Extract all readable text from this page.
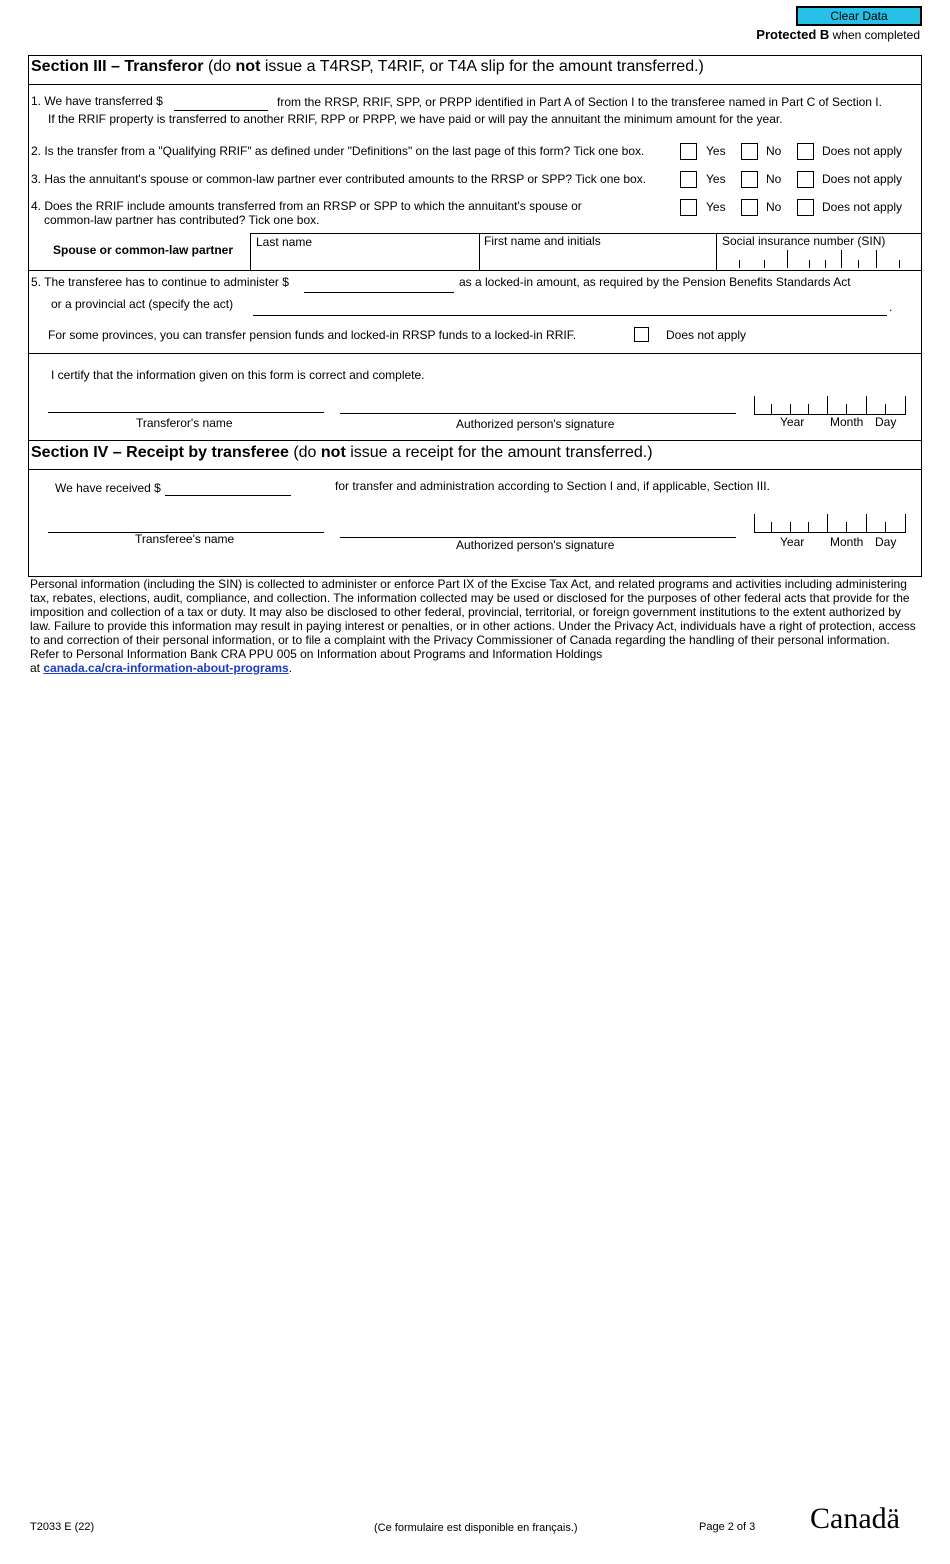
Clear Data
Protected B when completed
Section III – Transferor (do not issue a T4RSP, T4RIF, or T4A slip for the amount transferred.)
1. We have transferred $	from the RRSP, RRIF, SPP, or PRPP identified in Part A of Section I to the transferee named in Part C of Section I.
If the RRIF property is transferred to another RRIF, RPP or PRPP, we have paid or will pay the annuitant the minimum amount for the year.
2. Is the transfer from a "Qualifying RRIF" as defined under "Definitions" on the last page of this form? Tick one box.	Yes	No	Does not apply
3. Has the annuitant's spouse or common-law partner ever contributed amounts to the RRSP or SPP? Tick one box.	Yes	No	Does not apply
4. Does the RRIF include amounts transferred from an RRSP or SPP to which the annuitant's spouse or
common-law partner has contributed? Tick one box.
Yes	No	Does not apply
Spouse or common-law partner
Last name	First name and initials	Social insurance number (SIN)
5. The transferee has to continue to administer $	as a locked-in amount, as required by the Pension Benefits Standards Act
or a provincial act (specify the act)	.
For some provinces, you can transfer pension funds and locked-in RRSP funds to a locked-in RRIF.	Does not apply
I certify that the information given on this form is correct and complete.
Transferor's name	Authorized person's signature	Year Month Day
Section IV – Receipt by transferee (do not issue a receipt for the amount transferred.)
We have received $	for transfer and administration according to Section I and, if applicable, Section III.
Transferee's name	Authorized person's signature	Year Month Day
Personal information (including the SIN) is collected to administer or enforce Part IX of the Excise Tax Act, and related programs and activities including administering tax, rebates, elections, audit, compliance, and collection. The information collected may be used or disclosed for the purposes of other federal acts that provide for the imposition and collection of a tax or duty. It may also be disclosed to other federal, provincial, territorial, or foreign government institutions to the extent authorized by law. Failure to provide this information may result in paying interest or penalties, or in other actions. Under the Privacy Act, individuals have a right of protection, access to and correction of their personal information, or to file a complaint with the Privacy Commissioner of Canada regarding the handling of their personal information. Refer to Personal Information Bank CRA PPU 005 on Information about Programs and Information Holdings
at canada.ca/cra-information-about-programs.
T2033 E (22)	(Ce formulaire est disponible en français.)	Page 2 of 3 Canadä
